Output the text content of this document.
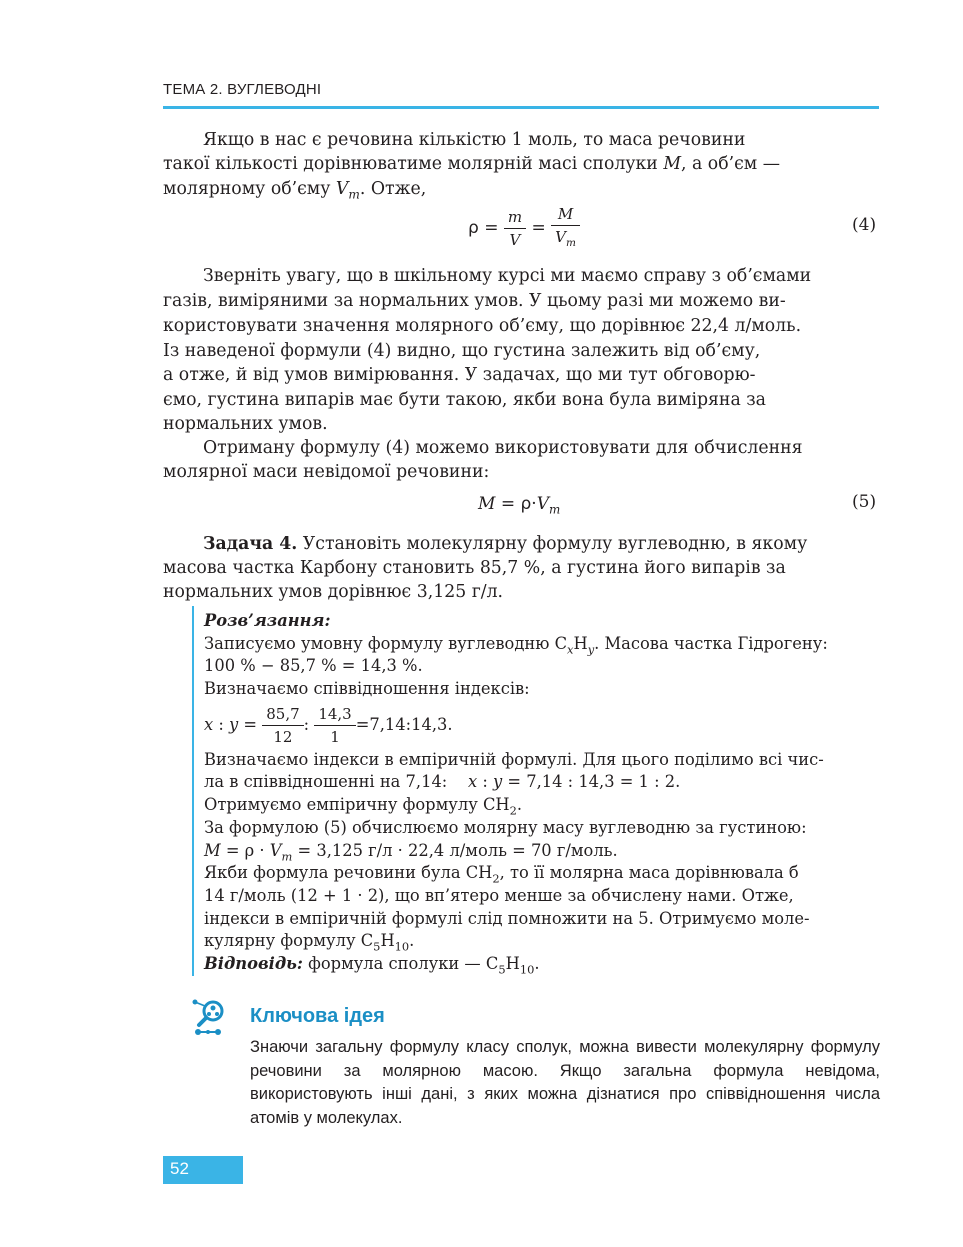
ТЕМА 2. ВУГЛЕВОДНІ
Якщо в нас є речовина кількістю 1 моль, то маса речовини
такої кількості дорівнюватиме молярній масі сполуки M, а об’єм —
молярному об’єму $V_m$. Отже,
$\rho = \frac{m}{V} = \frac{M}{V_m}$	(4)
Зверніть увагу, що в шкільному курсі ми маємо справу з об’ємами
газів, виміряними за нормальних умов. У цьому разі ми можемо ви-
користовувати значення молярного об’єму, що дорівнює 22,4 л/моль.
Із наведеної формули (4) видно, що густина залежить від об’єму,
а отже, й від умов вимірювання. У задачах, що ми тут обговорю-
ємо, густина випарів має бути такою, якби вона була виміряна за
нормальних умов.
Отриману формулу (4) можемо використовувати для обчислення
молярної маси невідомої речовини:
$M = \rho\cdot V_m$	(5)
Задача 4. Установіть молекулярну формулу вуглеводню, в якому
масова частка Карбону становить 85,7 %, а густина його випарів за
нормальних умов дорівнює 3,125 г/л.
Розв’язання:
Записуємо умовну формулу вуглеводню $C_xH_y$. Масова частка Гідрогену:
100 % − 85,7 % = 14,3 %.
Визначаємо співвідношення індексів:
x : $y = \frac{85,7}{12}$ : $\frac{14,3}{1}$ =7,14:14,3.
Визначаємо індекси в емпіричній формулі. Для цього поділимо всі чис-
ла в співвідношенні на 7,14: x : y = 7,14 : 14,3 = 1 : 2.
Отримуємо емпіричну формулу $CH_2$.
За формулою (5) обчислюємо молярну масу вуглеводню за густиною:
$M = \rho \cdot V_m = 3,125$ г/л · 22,4 л/моль = 70 г/моль.
Якби формула речовини була $CH_2$, то її молярна маса дорівнювала б
14 г/моль (12 + 1 · 2), що вп’ятеро менше за обчислену нами. Отже,
індекси в емпіричній формулі слід помножити на 5. Отримуємо моле-
кулярну формулу $C_5H_{10}$.
Відповідь: формула сполуки — $C_5H_{10}$.
Ключова ідея
Знаючи загальну формулу класу сполук, можна вивести молекулярну формулу речовини за молярною масою. Якщо загальна формула невідома, використовують інші дані, з яких можна дізнатися про співвідношення числа атомів у молекулах.
52
